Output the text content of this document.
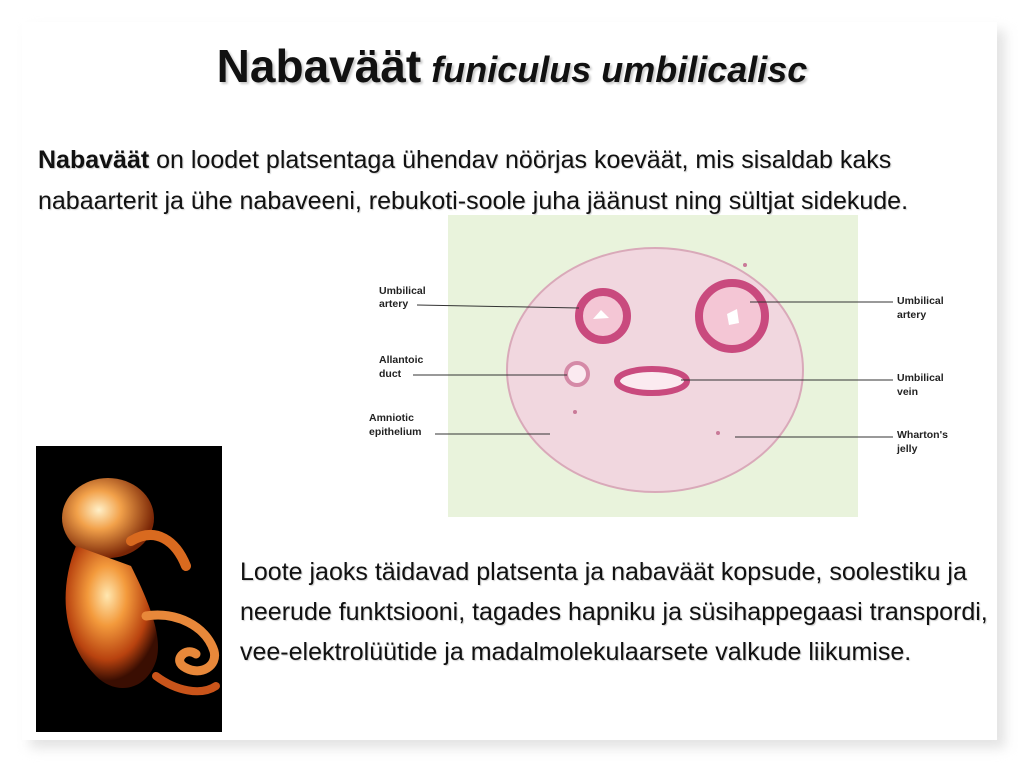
Nabaväät funiculus umbilicalisc

Nabaväät on loodet platsentaga ühendav nöörjas koeväät, mis sisaldab kaks nabaarterit ja ühe nabaveeni, rebukoti-soole juha jäänust ning sültjat sidekude.

Umbilical
artery
Allantoic
duct
Amniotic
epithelium
Umbilical
artery
Umbilical
vein
Wharton's
jelly

Loote jaoks täidavad platsenta ja nabaväät kopsude, soolestiku ja neerude funktsiooni, tagades hapniku ja süsihappegaasi transpordi, vee-elektrolüütide ja madalmolekulaarsete valkude liikumise.
